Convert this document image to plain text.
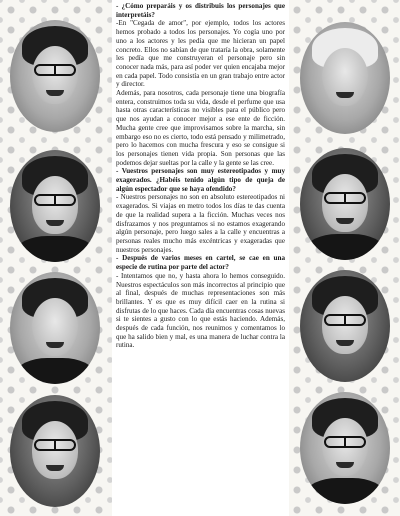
- ¿Cómo preparáis y os distribuis los personajes que interpretáis?

-En "Cegada de amor", por ejemplo, todos los actores hemos probado a todos los personajes. Yo cogía uno por uno a los actores y les pedía que me hicieran un papel concreto. Ellos no sabían de que trataría la obra, solamente les pedía que me construyeran el personaje pero sin conocer nada más, para así poder ver quien encajaba mejor en cada papel. Todo consistía en un gran trabajo entre actor y director.

Además, para nosotros, cada personaje tiene una biografía entera, construimos toda su vida, desde el perfume que usa hasta otras características no visibles para el público pero que nos ayudan a conocer mejor a ese ente de ficción. Mucha gente cree que improvisamos sobre la marcha, sin embargo eso no es cierto, todo está pensado y milimetrado, pero lo hacemos con mucha frescura y eso se consigue si los personajes tienen vida propia. Son personas que las podemos dejar sueltas por la calle y la gente se las cree.

- Vuestros personajes son muy estereotipados y muy exagerados. ¿Habéis tenido algún tipo de queja de algún espectador que se haya ofendido?

- Nuestros personajes no son en absoluto estereotipados ni exagerados. Si viajas en metro todos los días te das cuenta de que la realidad supera a la ficción. Muchas veces nos disfrazamos y nos preguntamos si no estamos exagerando algún personaje, pero luego sales a la calle y encuentras a personas reales mucho más excéntricas y exageradas que nuestros personajes.

- Después de varios meses en cartel, se cae en una especie de rutina por parte del actor?

- Intentamos que no, y hasta ahora lo hemos conseguido. Nuestros espectáculos son más incorrectos al principio que al final, después de muchas representaciones son más brillantes. Y es que es muy difícil caer en la rutina si disfrutas de lo que haces. Cada día encuentras cosas nuevas si te sientes a gusto con lo que estás haciendo. Además, después de cada función, nos reunimos y comentamos lo que ha salido bien y mal, es una manera de luchar contra la rutina.
